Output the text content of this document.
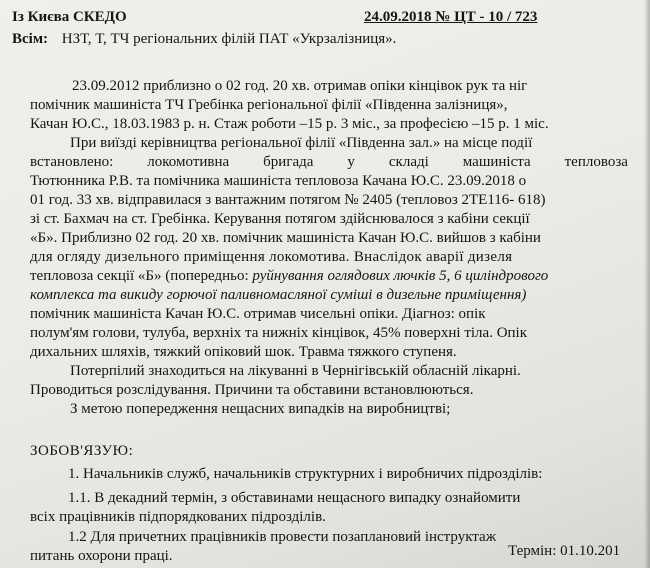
Із Києва СКЕДО	24.09.2018 № ЦТ - 10 / 723
Всім: НЗТ, Т, ТЧ регіональних філій ПАТ «Укрзалізниця».
23.09.2012 приблизно о 02 год. 20 хв. отримав опіки кінцівок рук та ніг
помічник машиніста ТЧ Гребінка регіональної філії «Південна залізниця»,
Качан Ю.С., 18.03.1983 р. н. Стаж роботи –15 р. 3 міс., за професією –15 р. 1 міс.
При виїзді керівництва регіональної філії «Південна зал.» на місце події
встановлено: локомотивна бригада у складі машиніста тепловоза
Тютюнника Р.В. та помічника машиніста тепловоза Качана Ю.С. 23.09.2018 о
01 год. 33 хв. відправилася з вантажним потягом № 2405 (тепловоз 2ТЕ116- 618)
зі ст. Бахмач на ст. Гребінка. Керування потягом здійснювалося з кабіни секції
«Б». Приблизно 02 год. 20 хв. помічник машиніста Качан Ю.С. вийшов з кабіни
для огляду дизельного приміщення локомотива. Внаслідок аварії дизеля
тепловоза секції «Б» (попередньо: руйнування оглядових лючків 5, 6 циліндрового
комплекса та викиду горючої паливномасляної суміші в дизельне приміщення)
помічник машиніста Качан Ю.С. отримав чисельні опіки. Діагноз: опік
полум'ям голови, тулуба, верхніх та нижніх кінцівок, 45% поверхні тіла. Опік
дихальних шляхів, тяжкий опіковий шок. Травма тяжкого ступеня.
Потерпілий знаходиться на лікуванні в Чернігівській обласній лікарні.
Проводиться розслідування. Причини та обставини встановлюються.
З метою попередження нещасних випадків на виробництві;
ЗОБОВ'ЯЗУЮ:
1. Начальників служб, начальників структурних і виробничих підрозділів:
1.1. В декадний термін, з обставинами нещасного випадку ознайомити
всіх працівників підпорядкованих підрозділів.
1.2 Для причетних працівників провести позаплановий інструктаж
питань охорони праці.	Термін: 01.10.201
